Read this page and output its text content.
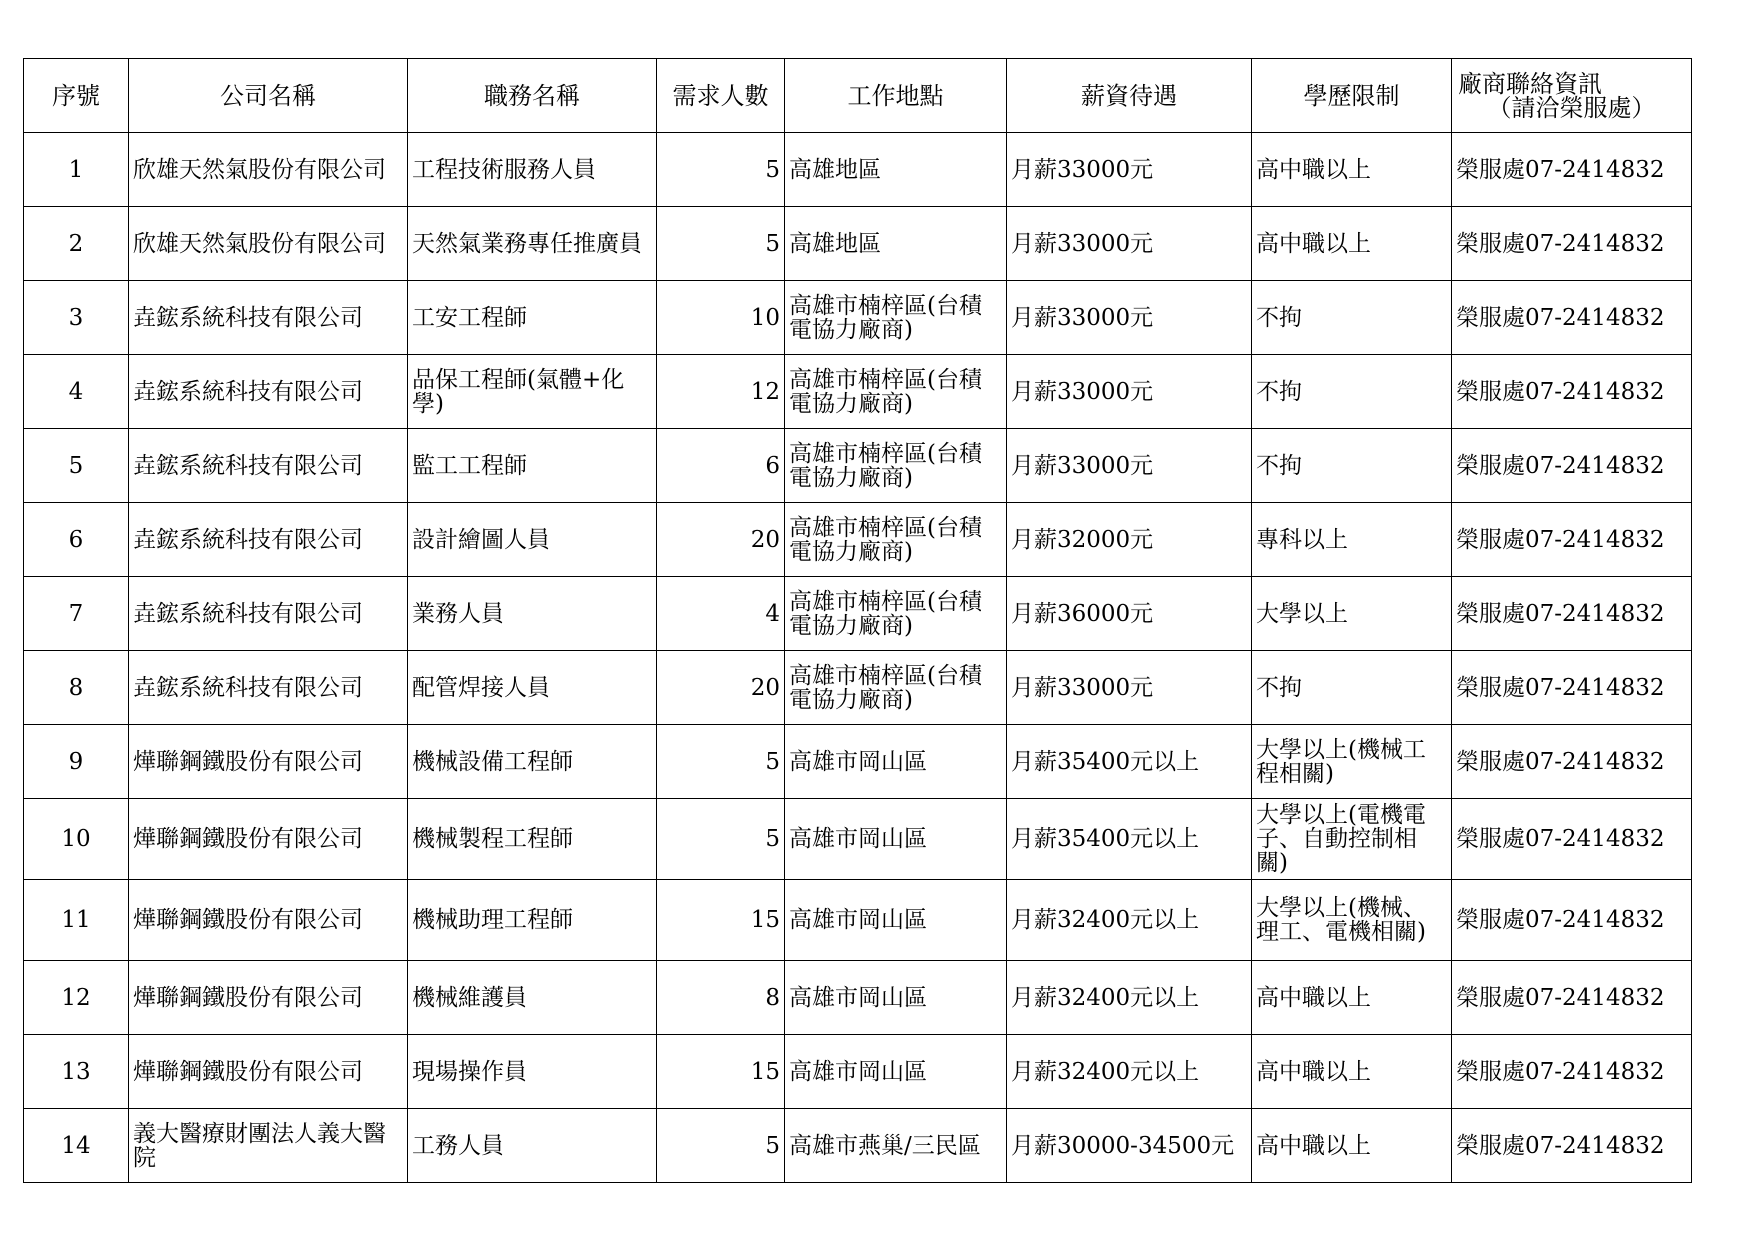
序號	公司名稱	職務名稱	需求人數	工作地點	薪資待遇	學歷限制	廠商聯絡資訊
（請洽榮服處）

1	欣雄天然氣股份有限公司	工程技術服務人員	5	高雄地區	月薪33000元	高中職以上	榮服處07-2414832
2	欣雄天然氣股份有限公司	天然氣業務專任推廣員	5	高雄地區	月薪33000元	高中職以上	榮服處07-2414832
3	垚鋐系統科技有限公司	工安工程師	10	高雄市楠梓區(台積電協力廠商)	月薪33000元	不拘	榮服處07-2414832
4	垚鋐系統科技有限公司	品保工程師(氣體+化學)	12	高雄市楠梓區(台積電協力廠商)	月薪33000元	不拘	榮服處07-2414832
5	垚鋐系統科技有限公司	監工工程師	6	高雄市楠梓區(台積電協力廠商)	月薪33000元	不拘	榮服處07-2414832
6	垚鋐系統科技有限公司	設計繪圖人員	20	高雄市楠梓區(台積電協力廠商)	月薪32000元	專科以上	榮服處07-2414832
7	垚鋐系統科技有限公司	業務人員	4	高雄市楠梓區(台積電協力廠商)	月薪36000元	大學以上	榮服處07-2414832
8	垚鋐系統科技有限公司	配管焊接人員	20	高雄市楠梓區(台積電協力廠商)	月薪33000元	不拘	榮服處07-2414832
9	燁聯鋼鐵股份有限公司	機械設備工程師	5	高雄市岡山區	月薪35400元以上	大學以上(機械工程相關)	榮服處07-2414832
10	燁聯鋼鐵股份有限公司	機械製程工程師	5	高雄市岡山區	月薪35400元以上	大學以上(電機電子、自動控制相關)	榮服處07-2414832
11	燁聯鋼鐵股份有限公司	機械助理工程師	15	高雄市岡山區	月薪32400元以上	大學以上(機械、理工、電機相關)	榮服處07-2414832
12	燁聯鋼鐵股份有限公司	機械維護員	8	高雄市岡山區	月薪32400元以上	高中職以上	榮服處07-2414832
13	燁聯鋼鐵股份有限公司	現場操作員	15	高雄市岡山區	月薪32400元以上	高中職以上	榮服處07-2414832
14	義大醫療財團法人義大醫院	工務人員	5	高雄市燕巢/三民區	月薪30000-34500元	高中職以上	榮服處07-2414832
